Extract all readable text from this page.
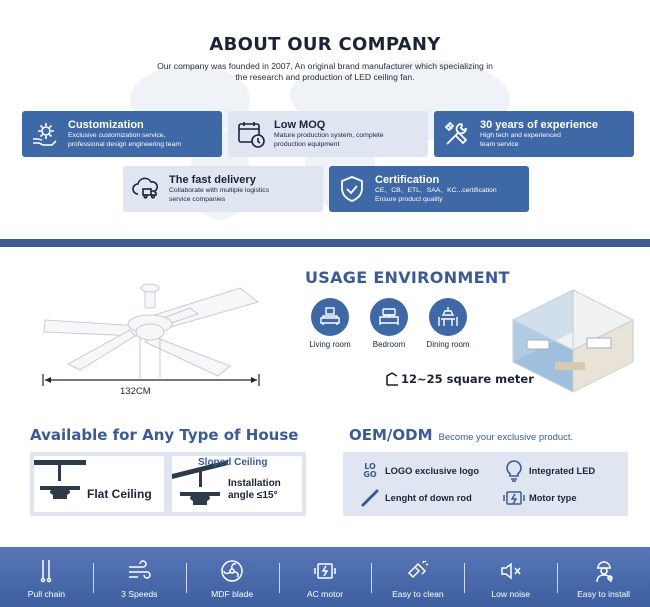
ABOUT OUR COMPANY

Our company was founded in 2007, An original brand manufacturer which specializing in
the research and production of LED ceiling fan.

Customization
Exclusive customization service,
professional design engineering team
Low MOQ
Mature production system, complete
production equipment
30 years of experience
High tech and experienced
team service
The fast delivery
Collaborate with multiple logistics
service companies
Certification
CE、CB、ETL、SAA、KC...certification
Ensure product quality
132CM
USAGE ENVIRONMENT
Living room	Bedroom	Dining room
12~25 square meter
Available for Any Type of House
Flat Ceiling
Sloped Ceiling
Installation
angle ≤15°
OEM/ODM Become your exclusive product.
LO
GO LOGO exclusive logo	Integrated LED
Lenght of down rod	Motor type
Pull chain	3 Speeds	MDF blade	AC motor	Easy to clean	Low noise	Easy to install
